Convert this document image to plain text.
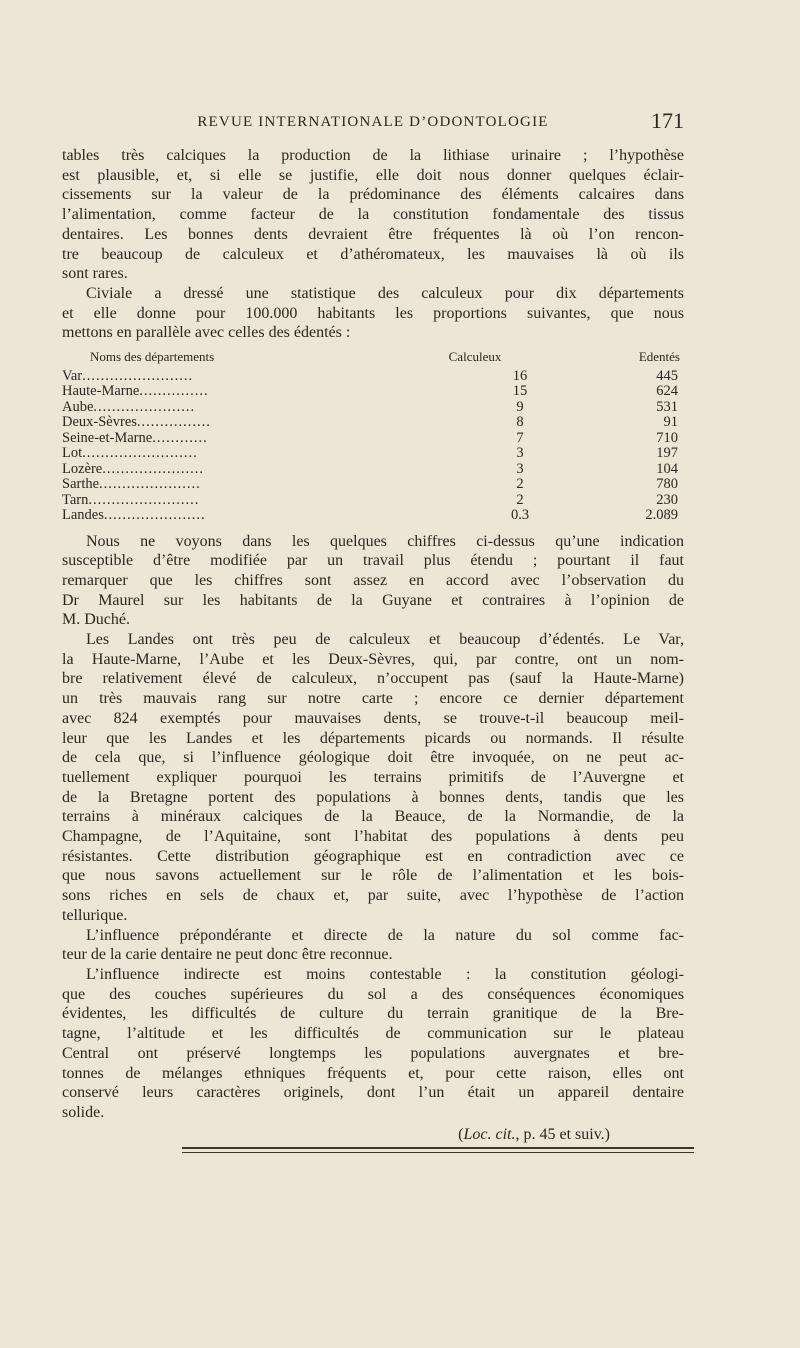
REVUE INTERNATIONALE D’ODONTOLOGIE	171

tables très calciques la production de la lithiase urinaire ; l’hypothèse
est plausible, et, si elle se justifie, elle doit nous donner quelques éclair-
cissements sur la valeur de la prédominance des éléments calcaires dans
l’alimentation, comme facteur de la constitution fondamentale des tissus
dentaires. Les bonnes dents devraient être fréquentes là où l’on rencon-
tre beaucoup de calculeux et d’athéromateux, les mauvaises là où ils
sont rares.

Civiale a dressé une statistique des calculeux pour dix départements
et elle donne pour 100.000 habitants les proportions suivantes, que nous
mettons en parallèle avec celles des édentés :

Noms des départements	Calculeux	Edentés
Var........................	16	445
Haute-Marne...............	15	624
Aube......................	9	531
Deux-Sèvres................	8	91
Seine-et-Marne............	7	710
Lot.........................	3	197
Lozère......................	3	104
Sarthe......................	2	780
Tarn........................	2	230
Landes......................	0.3	2.089

Nous ne voyons dans les quelques chiffres ci-dessus qu’une indication
susceptible d’être modifiée par un travail plus étendu ; pourtant il faut
remarquer que les chiffres sont assez en accord avec l’observation du
Dr Maurel sur les habitants de la Guyane et contraires à l’opinion de
M. Duché.

Les Landes ont très peu de calculeux et beaucoup d’édentés. Le Var,
la Haute-Marne, l’Aube et les Deux-Sèvres, qui, par contre, ont un nom-
bre relativement élevé de calculeux, n’occupent pas (sauf la Haute-Marne)
un très mauvais rang sur notre carte ; encore ce dernier département
avec 824 exemptés pour mauvaises dents, se trouve-t-il beaucoup meil-
leur que les Landes et les départements picards ou normands. Il résulte
de cela que, si l’influence géologique doit être invoquée, on ne peut ac-
tuellement expliquer pourquoi les terrains primitifs de l’Auvergne et
de la Bretagne portent des populations à bonnes dents, tandis que les
terrains à minéraux calciques de la Beauce, de la Normandie, de la
Champagne, de l’Aquitaine, sont l’habitat des populations à dents peu
résistantes. Cette distribution géographique est en contradiction avec ce
que nous savons actuellement sur le rôle de l’alimentation et les bois-
sons riches en sels de chaux et, par suite, avec l’hypothèse de l’action
tellurique.

L’influence prépondérante et directe de la nature du sol comme fac-
teur de la carie dentaire ne peut donc être reconnue.

L’influence indirecte est moins contestable : la constitution géologi-
que des couches supérieures du sol a des conséquences économiques
évidentes, les difficultés de culture du terrain granitique de la Bre-
tagne, l’altitude et les difficultés de communication sur le plateau
Central ont préservé longtemps les populations auvergnates et bre-
tonnes de mélanges ethniques fréquents et, pour cette raison, elles ont
conservé leurs caractères originels, dont l’un était un appareil dentaire
solide.

(Loc. cit., p. 45 et suiv.)
